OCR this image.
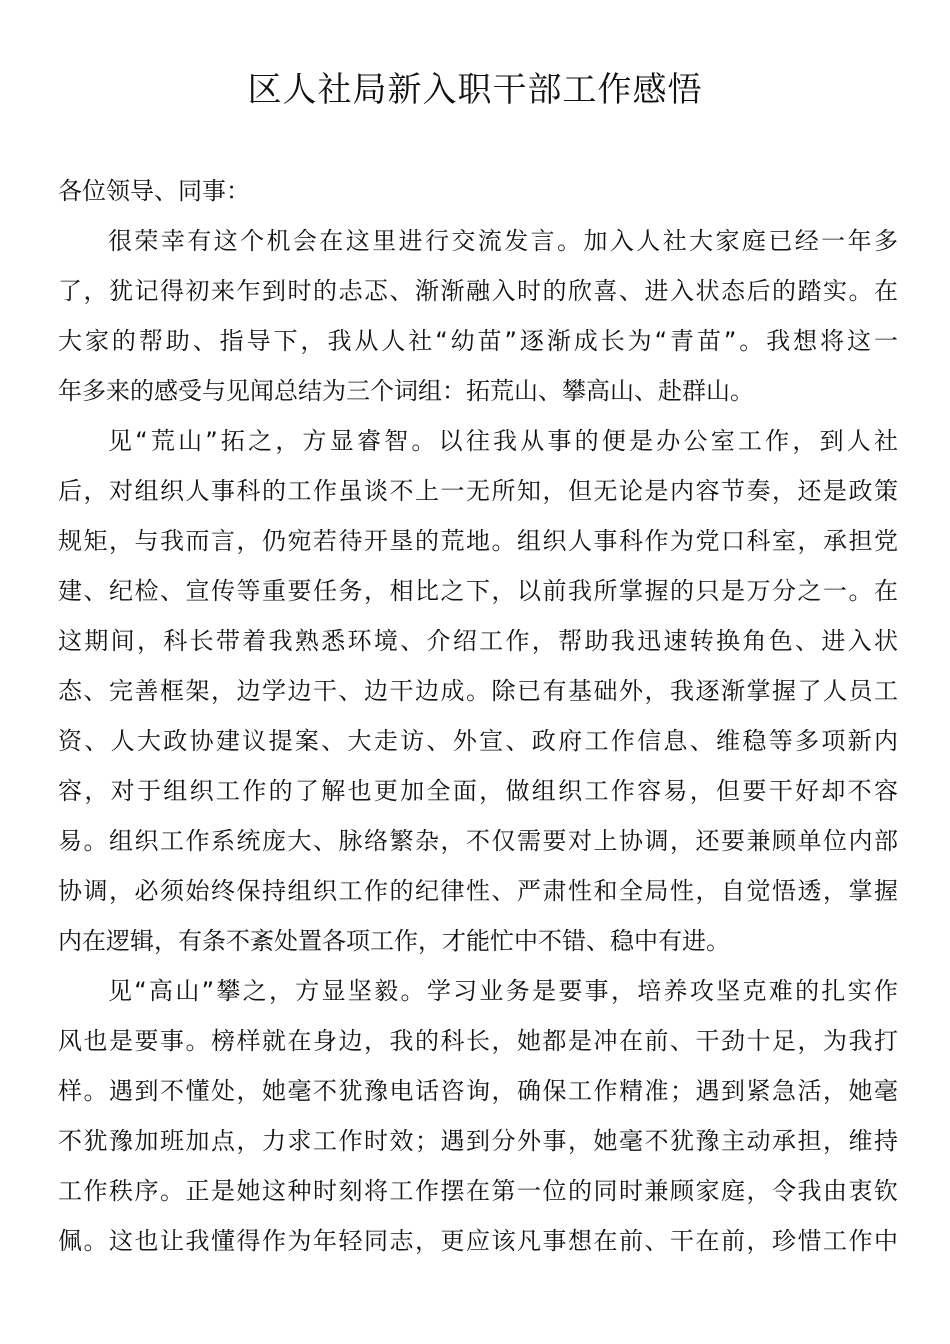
区人社局新入职干部工作感悟
各位领导、同事：
很荣幸有这个机会在这里进行交流发言。加入人社大家庭已经一年多
了，犹记得初来乍到时的忐忑、渐渐融入时的欣喜、进入状态后的踏实。在
大家的帮助、指导下，我从人社“幼苗”逐渐成长为“青苗”。我想将这一
年多来的感受与见闻总结为三个词组：拓荒山、攀高山、赴群山。
见“荒山”拓之，方显睿智。以往我从事的便是办公室工作，到人社
后，对组织人事科的工作虽谈不上一无所知，但无论是内容节奏，还是政策
规矩，与我而言，仍宛若待开垦的荒地。组织人事科作为党口科室，承担党
建、纪检、宣传等重要任务，相比之下，以前我所掌握的只是万分之一。在
这期间，科长带着我熟悉环境、介绍工作，帮助我迅速转换角色、进入状
态、完善框架，边学边干、边干边成。除已有基础外，我逐渐掌握了人员工
资、人大政协建议提案、大走访、外宣、政府工作信息、维稳等多项新内
容，对于组织工作的了解也更加全面，做组织工作容易，但要干好却不容
易。组织工作系统庞大、脉络繁杂，不仅需要对上协调，还要兼顾单位内部
协调，必须始终保持组织工作的纪律性、严肃性和全局性，自觉悟透，掌握
内在逻辑，有条不紊处置各项工作，才能忙中不错、稳中有进。
见“高山”攀之，方显坚毅。学习业务是要事，培养攻坚克难的扎实作
风也是要事。榜样就在身边，我的科长，她都是冲在前、干劲十足，为我打
样。遇到不懂处，她毫不犹豫电话咨询，确保工作精准；遇到紧急活，她毫
不犹豫加班加点，力求工作时效；遇到分外事，她毫不犹豫主动承担，维持
工作秩序。正是她这种时刻将工作摆在第一位的同时兼顾家庭，令我由衷钦
佩。这也让我懂得作为年轻同志，更应该凡事想在前、干在前，珍惜工作中
